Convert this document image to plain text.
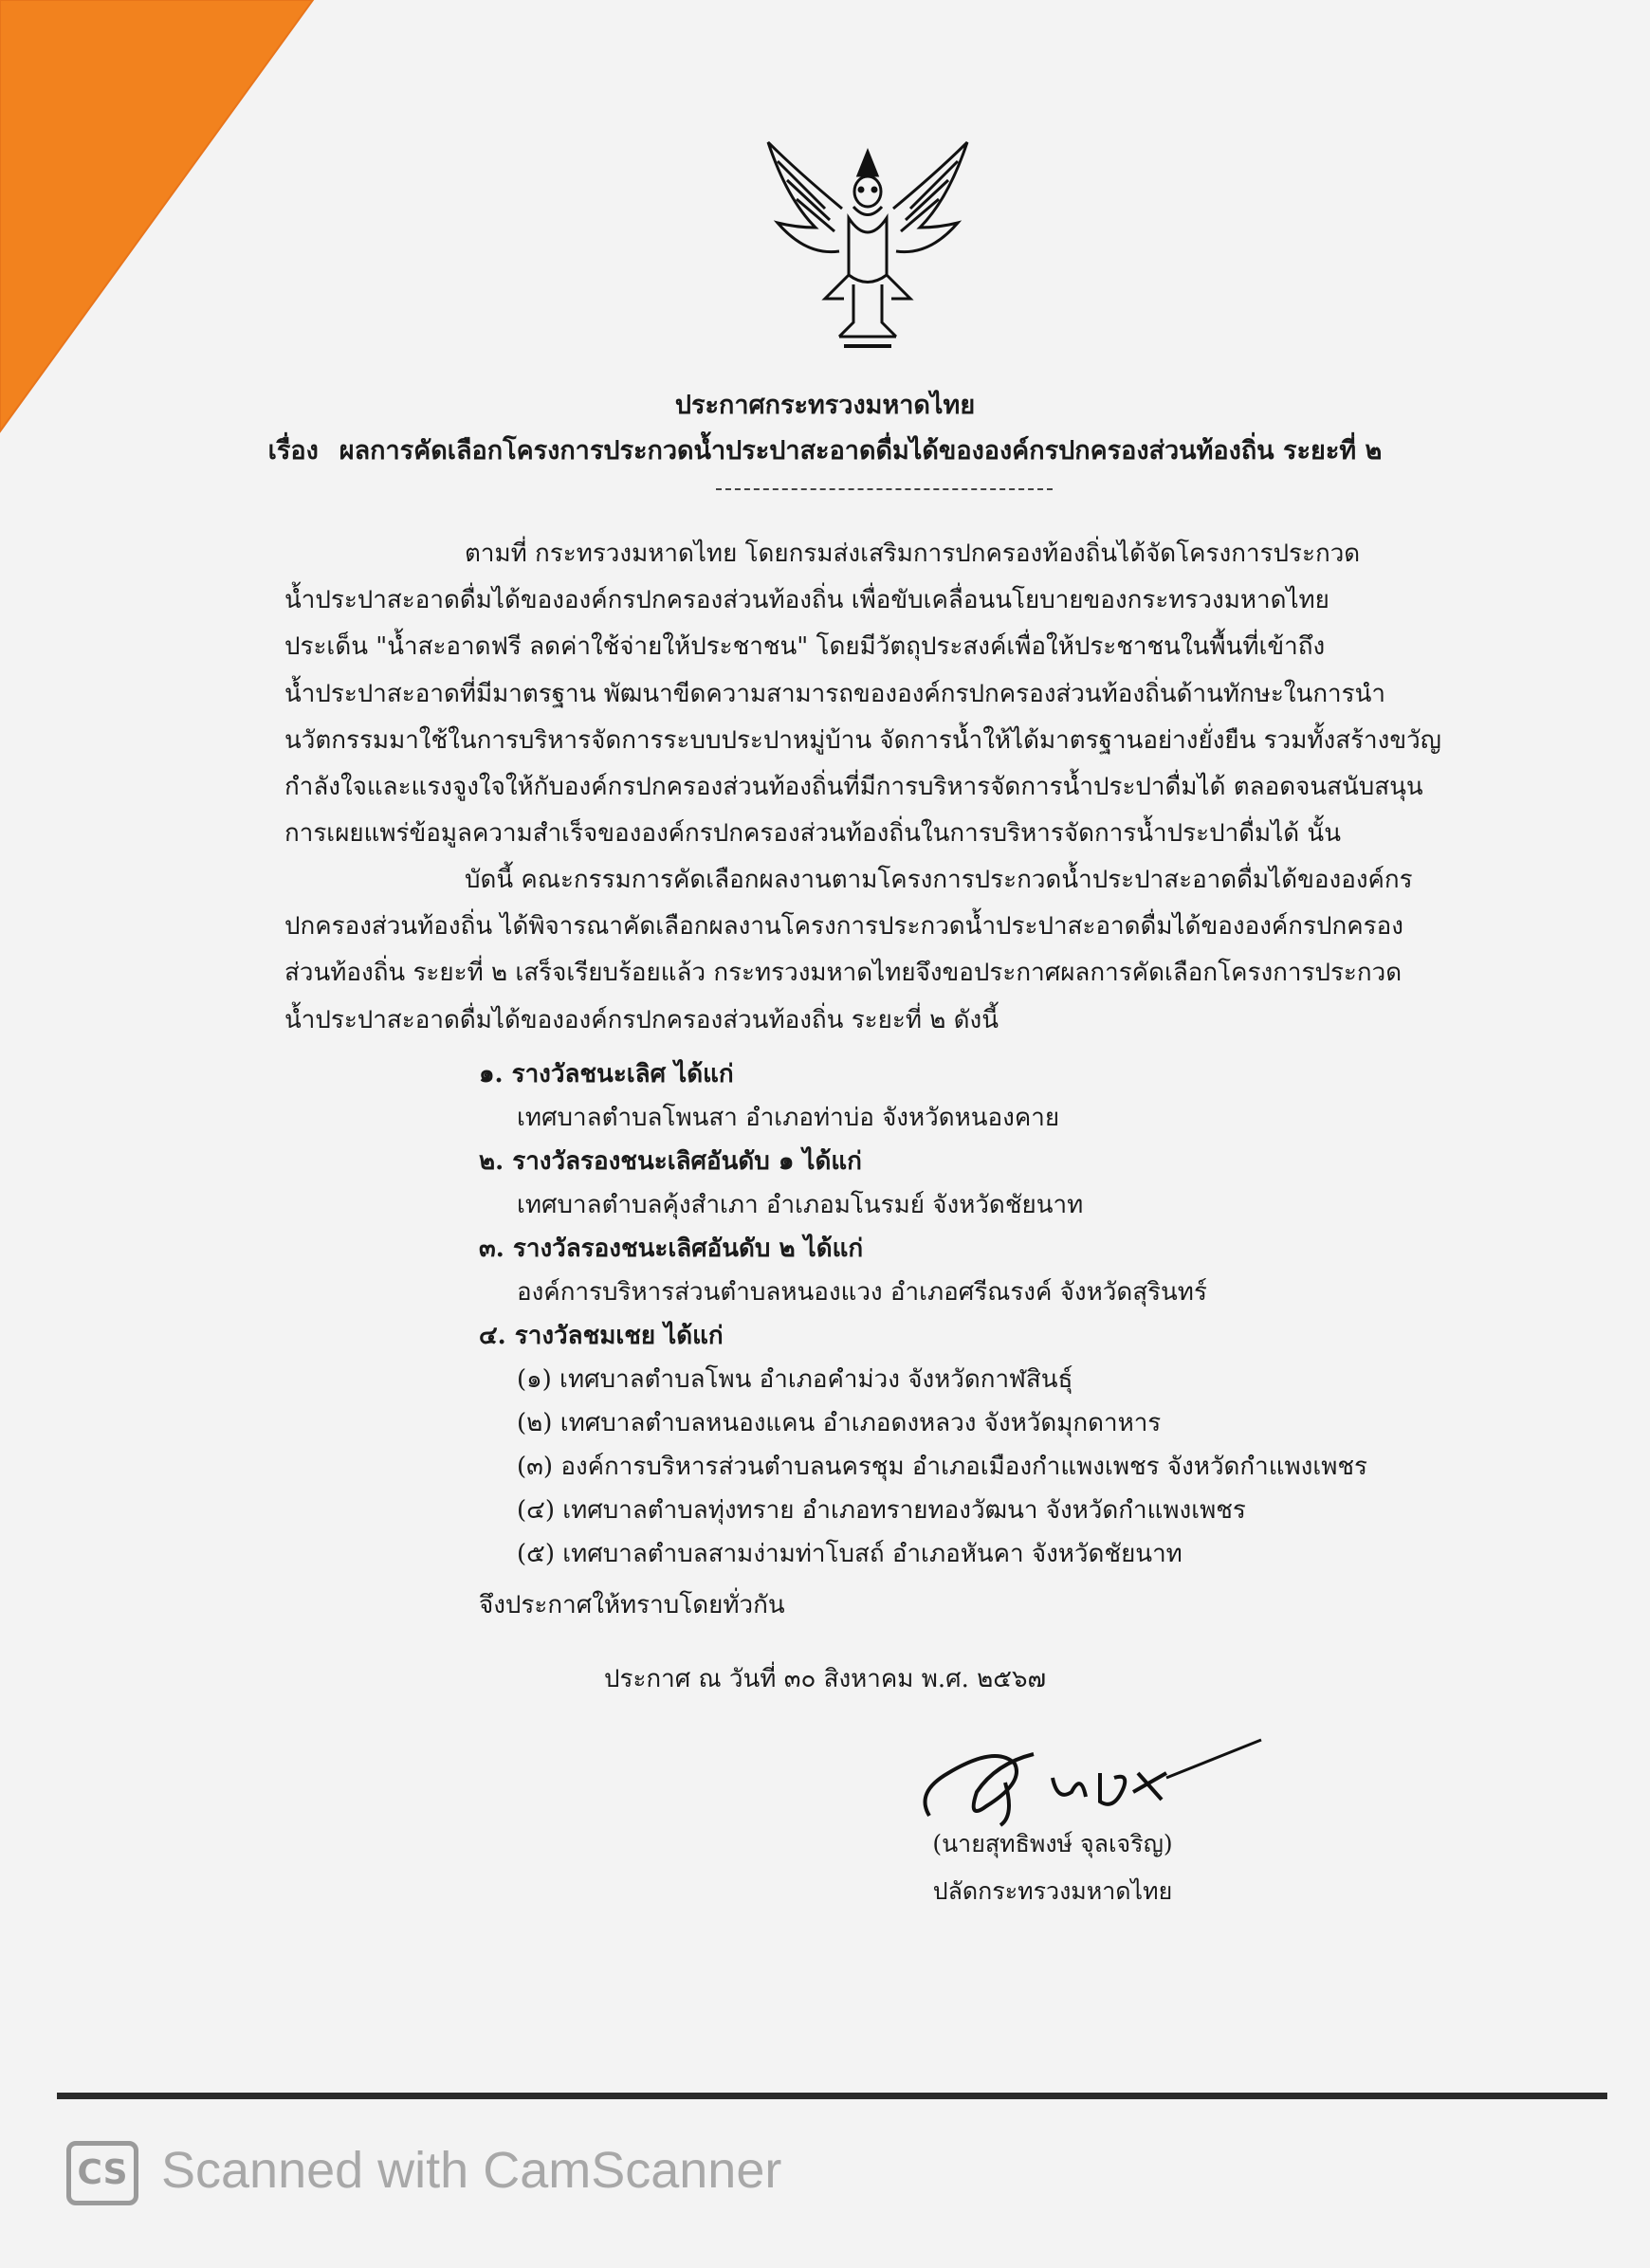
ประกาศกระทรวงมหาดไทย
เรื่อง ผลการคัดเลือกโครงการประกวดน้ำประปาสะอาดดื่มได้ขององค์กรปกครองส่วนท้องถิ่น ระยะที่ ๒

ตามที่ กระทรวงมหาดไทย โดยกรมส่งเสริมการปกครองท้องถิ่นได้จัดโครงการประกวด
น้ำประปาสะอาดดื่มได้ขององค์กรปกครองส่วนท้องถิ่น เพื่อขับเคลื่อนนโยบายของกระทรวงมหาดไทย
ประเด็น "น้ำสะอาดฟรี ลดค่าใช้จ่ายให้ประชาชน" โดยมีวัตถุประสงค์เพื่อให้ประชาชนในพื้นที่เข้าถึง
น้ำประปาสะอาดที่มีมาตรฐาน พัฒนาขีดความสามารถขององค์กรปกครองส่วนท้องถิ่นด้านทักษะในการนำ
นวัตกรรมมาใช้ในการบริหารจัดการระบบประปาหมู่บ้าน จัดการน้ำให้ได้มาตรฐานอย่างยั่งยืน รวมทั้งสร้างขวัญ
กำลังใจและแรงจูงใจให้กับองค์กรปกครองส่วนท้องถิ่นที่มีการบริหารจัดการน้ำประปาดื่มได้ ตลอดจนสนับสนุน
การเผยแพร่ข้อมูลความสำเร็จขององค์กรปกครองส่วนท้องถิ่นในการบริหารจัดการน้ำประปาดื่มได้ นั้น

บัดนี้ คณะกรรมการคัดเลือกผลงานตามโครงการประกวดน้ำประปาสะอาดดื่มได้ขององค์กร
ปกครองส่วนท้องถิ่น ได้พิจารณาคัดเลือกผลงานโครงการประกวดน้ำประปาสะอาดดื่มได้ขององค์กรปกครอง
ส่วนท้องถิ่น ระยะที่ ๒ เสร็จเรียบร้อยแล้ว กระทรวงมหาดไทยจึงขอประกาศผลการคัดเลือกโครงการประกวด
น้ำประปาสะอาดดื่มได้ขององค์กรปกครองส่วนท้องถิ่น ระยะที่ ๒ ดังนี้

๑. รางวัลชนะเลิศ ได้แก่
เทศบาลตำบลโพนสา อำเภอท่าบ่อ จังหวัดหนองคาย
๒. รางวัลรองชนะเลิศอันดับ ๑ ได้แก่
เทศบาลตำบลคุ้งสำเภา อำเภอมโนรมย์ จังหวัดชัยนาท
๓. รางวัลรองชนะเลิศอันดับ ๒ ได้แก่
องค์การบริหารส่วนตำบลหนองแวง อำเภอศรีณรงค์ จังหวัดสุรินทร์
๔. รางวัลชมเชย ได้แก่
(๑) เทศบาลตำบลโพน อำเภอคำม่วง จังหวัดกาฬสินธุ์
(๒) เทศบาลตำบลหนองแคน อำเภอดงหลวง จังหวัดมุกดาหาร
(๓) องค์การบริหารส่วนตำบลนครชุม อำเภอเมืองกำแพงเพชร จังหวัดกำแพงเพชร
(๔) เทศบาลตำบลทุ่งทราย อำเภอทรายทองวัฒนา จังหวัดกำแพงเพชร
(๕) เทศบาลตำบลสามง่ามท่าโบสถ์ อำเภอหันคา จังหวัดชัยนาท
จึงประกาศให้ทราบโดยทั่วกัน
ประกาศ ณ วันที่ ๓๐ สิงหาคม พ.ศ. ๒๕๖๗
(นายสุทธิพงษ์ จุลเจริญ)
ปลัดกระทรวงมหาดไทย
CS Scanned with CamScanner
